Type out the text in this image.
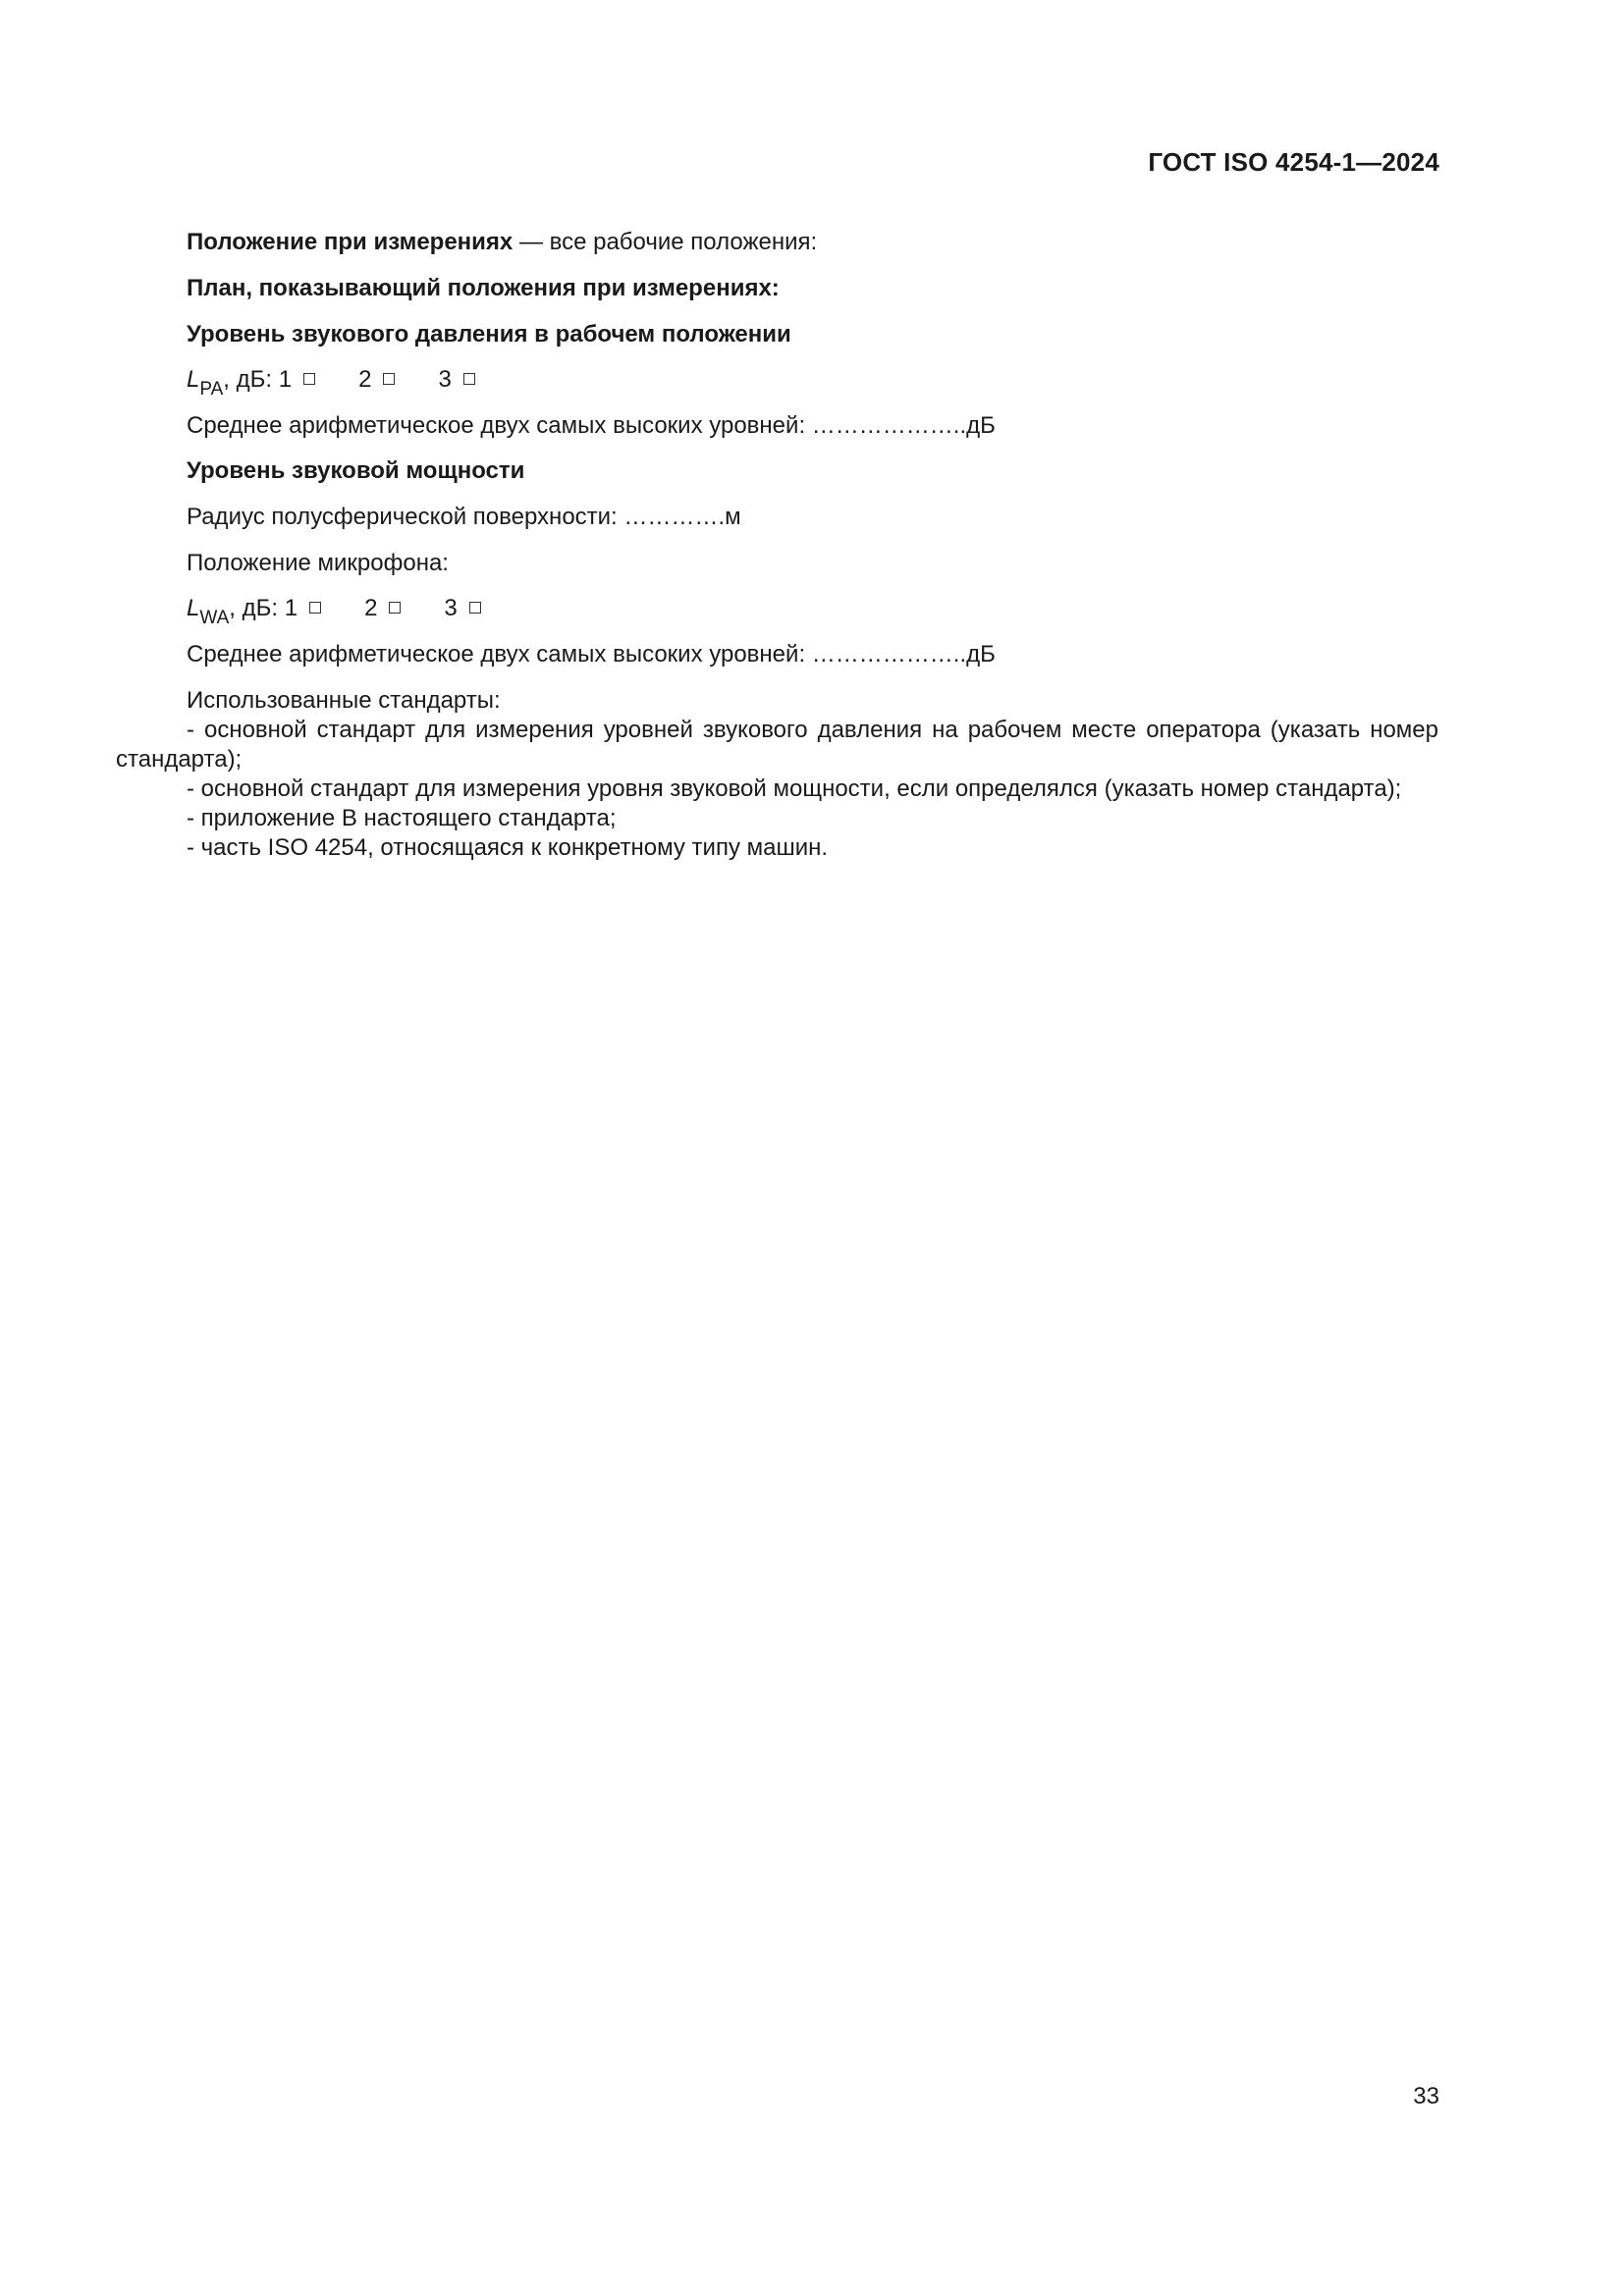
ГОСТ ISO 4254-1—2024
Положение при измерениях — все рабочие положения:
План, показывающий положения при измерениях:
Уровень звукового давления в рабочем положении
$L_{PA}$, дБ: 1	2	3
Среднее арифметическое двух самых высоких уровней: ………………..дБ
Уровень звуковой мощности
Радиус полусферической поверхности: ………….м
Положение микрофона:
$L_{WA}$, дБ: 1	2	3
Среднее арифметическое двух самых высоких уровней: ………………..дБ
Использованные стандарты:
- основной стандарт для измерения уровней звукового давления на рабочем месте оператора (указать номер стандарта);
- основной стандарт для измерения уровня звуковой мощности, если определялся (указать номер стандарта);
- приложение В настоящего стандарта;
- часть ISO 4254, относящаяся к конкретному типу машин.
33
